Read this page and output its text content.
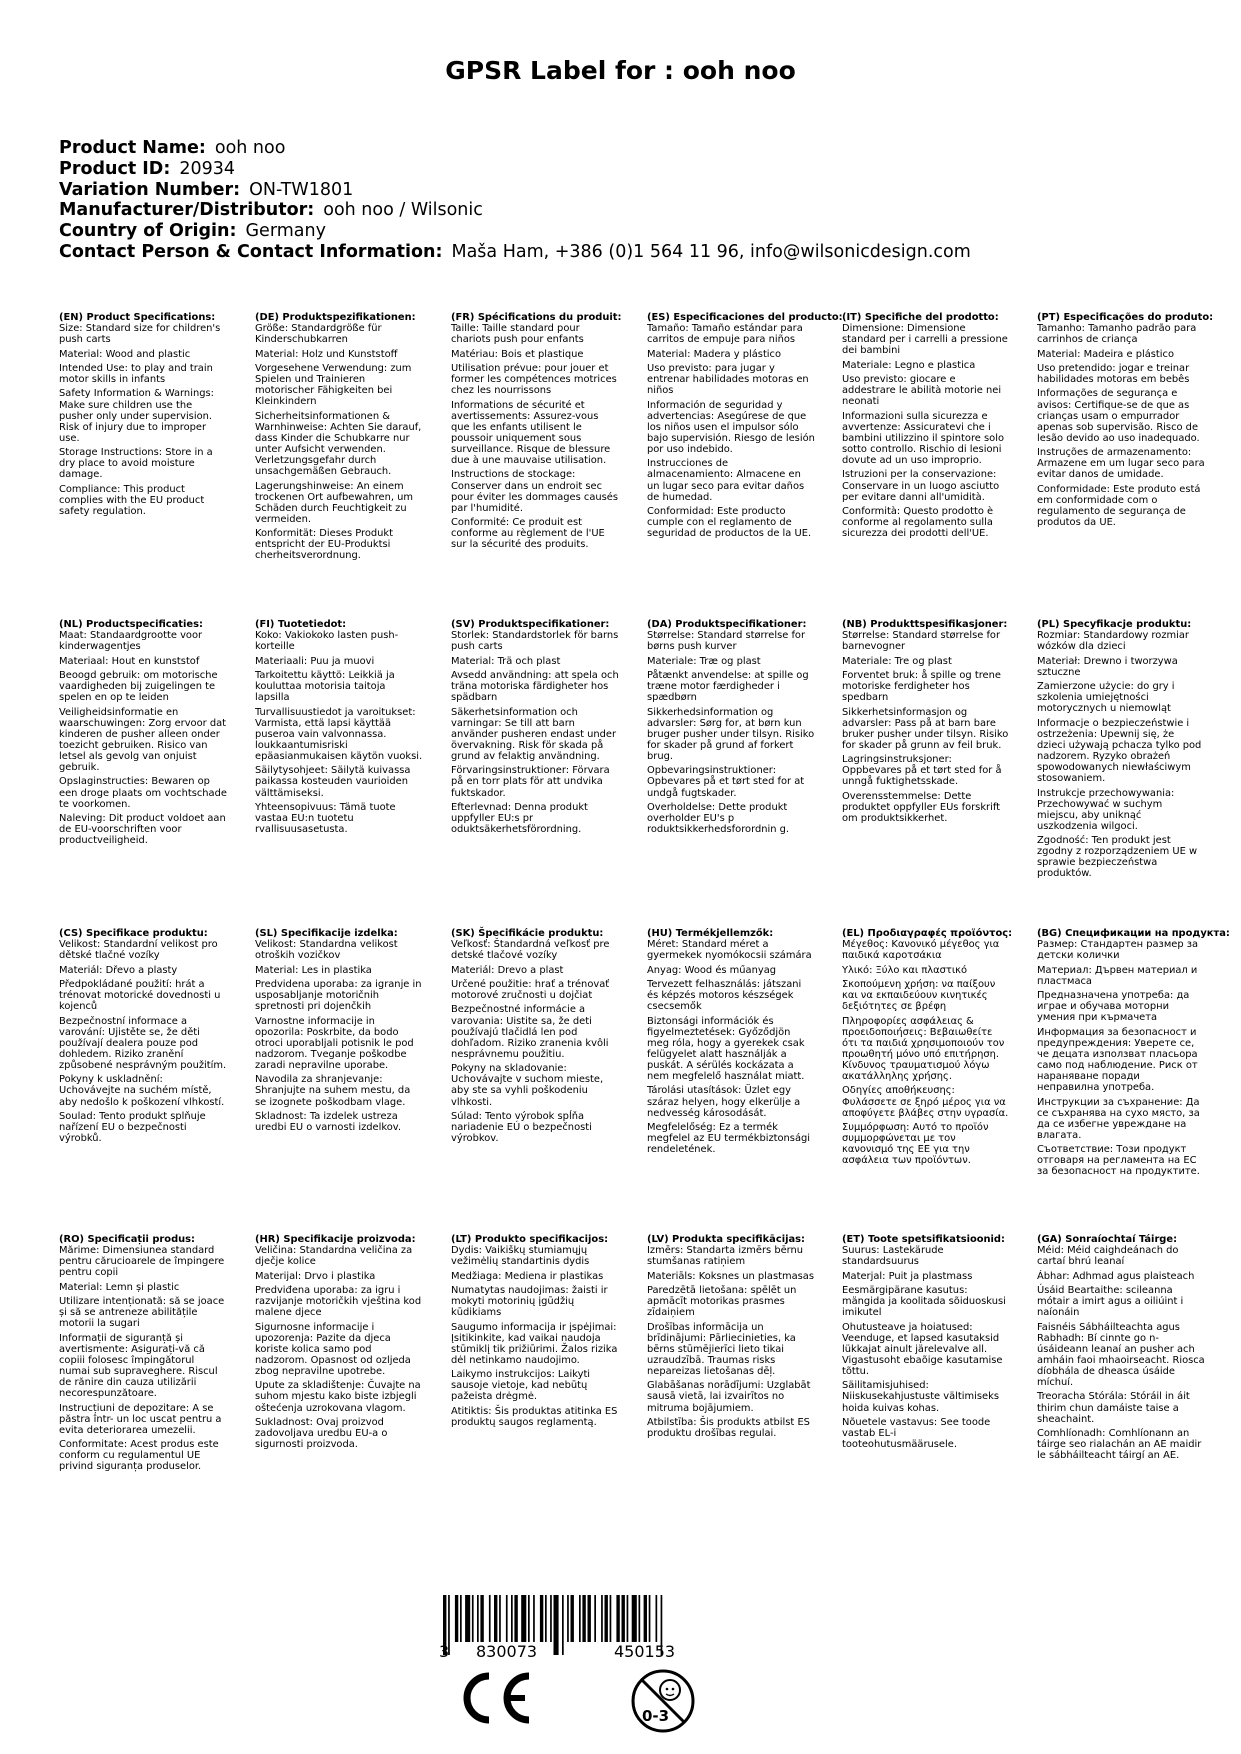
GPSR Label for : ooh noo
Product Name: ooh noo
Product ID: 20934
Variation Number: ON-TW1801
Manufacturer/Distributor: ooh noo / Wilsonic
Country of Origin: Germany
Contact Person & Contact Information: Maša Ham, +386 (0)1 564 11 96, info@wilsonicdesign.com
(EN) Product Specifications:

Size: Standard size for children's push carts

Material: Wood and plastic

Intended Use: to play and train motor skills in infants

Safety Information & Warnings: Make sure children use the pusher only under supervision. Risk of injury due to improper use.

Storage Instructions: Store in a dry place to avoid moisture damage.

Compliance: This product complies with the EU product safety regulation.

(DE) Produktspezifikationen:

Größe: Standardgröße für Kinderschubkarren

Material: Holz und Kunststoff

Vorgesehene Verwendung: zum Spielen und Trainieren motorischer Fähigkeiten bei Kleinkindern

Sicherheitsinformationen & Warnhinweise: Achten Sie darauf, dass Kinder die Schubkarre nur unter Aufsicht verwenden. Verletzungsgefahr durch unsachgemäßen Gebrauch.

Lagerungshinweise: An einem trockenen Ort aufbewahren, um Schäden durch Feuchtigkeit zu vermeiden.

Konformität: Dieses Produkt entspricht der EU-Produktsi cherheitsverordnung.

(FR) Spécifications du produit:

Taille: Taille standard pour chariots push pour enfants

Matériau: Bois et plastique

Utilisation prévue: pour jouer et former les compétences motrices chez les nourrissons

Informations de sécurité et avertissements: Assurez-vous que les enfants utilisent le poussoir uniquement sous surveillance. Risque de blessure due à une mauvaise utilisation.

Instructions de stockage: Conserver dans un endroit sec pour éviter les dommages causés par l'humidité.

Conformité: Ce produit est conforme au règlement de l'UE sur la sécurité des produits.

(ES) Especificaciones del producto:

Tamaño: Tamaño estándar para carritos de empuje para niños

Material: Madera y plástico

Uso previsto: para jugar y entrenar habilidades motoras en niños

Información de seguridad y advertencias: Asegúrese de que los niños usen el impulsor sólo bajo supervisión. Riesgo de lesión por uso indebido.

Instrucciones de almacenamiento: Almacene en un lugar seco para evitar daños de humedad.

Conformidad: Este producto cumple con el reglamento de seguridad de productos de la UE.

(IT) Specifiche del prodotto:

Dimensione: Dimensione standard per i carrelli a pressione dei bambini

Materiale: Legno e plastica

Uso previsto: giocare e addestrare le abilità motorie nei neonati

Informazioni sulla sicurezza e avvertenze: Assicuratevi che i bambini utilizzino il spintore solo sotto controllo. Rischio di lesioni dovute ad un uso improprio.

Istruzioni per la conservazione: Conservare in un luogo asciutto per evitare danni all'umidità.

Conformità: Questo prodotto è conforme al regolamento sulla sicurezza dei prodotti dell'UE.

(PT) Especificações do produto:

Tamanho: Tamanho padrão para carrinhos de criança

Material: Madeira e plástico

Uso pretendido: jogar e treinar habilidades motoras em bebês

Informações de segurança e avisos: Certifique-se de que as crianças usam o empurrador apenas sob supervisão. Risco de lesão devido ao uso inadequado.

Instruções de armazenamento: Armazene em um lugar seco para evitar danos de umidade.

Conformidade: Este produto está em conformidade com o regulamento de segurança de produtos da UE.

(NL) Productspecificaties:

Maat: Standaardgrootte voor kinderwagentjes

Materiaal: Hout en kunststof

Beoogd gebruik: om motorische vaardigheden bij zuigelingen te spelen en op te leiden

Veiligheidsinformatie en waarschuwingen: Zorg ervoor dat kinderen de pusher alleen onder toezicht gebruiken. Risico van letsel als gevolg van onjuist gebruik.

Opslaginstructies: Bewaren op een droge plaats om vochtschade te voorkomen.

Naleving: Dit product voldoet aan de EU-voorschriften voor productveiligheid.

(FI) Tuotetiedot:

Koko: Vakiokoko lasten push-korteille

Materiaali: Puu ja muovi

Tarkoitettu käyttö: Leikkiä ja kouluttaa motorisia taitoja lapsilla

Turvallisuustiedot ja varoitukset: Varmista, että lapsi käyttää puseroa vain valvonnassa. loukkaantumisriski epäasianmukaisen käytön vuoksi.

Säilytysohjeet: Säilytä kuivassa paikassa kosteuden vaurioiden välttämiseksi.

Yhteensopivuus: Tämä tuote vastaa EU:n tuotetu rvallisuusasetusta.

(SV) Produktspecifikationer:

Storlek: Standardstorlek för barns push carts

Material: Trä och plast

Avsedd användning: att spela och träna motoriska färdigheter hos spädbarn

Säkerhetsinformation och varningar: Se till att barn använder pusheren endast under övervakning. Risk för skada på grund av felaktig användning.

Förvaringsinstruktioner: Förvara på en torr plats för att undvika fuktskador.

Efterlevnad: Denna produkt uppfyller EU:s pr oduktsäkerhetsförordning.

(DA) Produktspecifikationer:

Størrelse: Standard størrelse for børns push kurver

Materiale: Træ og plast

Påtænkt anvendelse: at spille og træne motor færdigheder i spædbørn

Sikkerhedsinformation og advarsler: Sørg for, at børn kun bruger pusher under tilsyn. Risiko for skader på grund af forkert brug.

Opbevaringsinstruktioner: Opbevares på et tørt sted for at undgå fugtskader.

Overholdelse: Dette produkt overholder EU's p roduktsikkerhedsforordnin g.

(NB) Produkttspesifikasjoner:

Størrelse: Standard størrelse for barnevogner

Materiale: Tre og plast

Forventet bruk: å spille og trene motoriske ferdigheter hos spedbarn

Sikkerhetsinformasjon og advarsler: Pass på at barn bare bruker pusher under tilsyn. Risiko for skader på grunn av feil bruk.

Lagringsinstruksjoner: Oppbevares på et tørt sted for å unngå fuktighetsskade.

Overensstemmelse: Dette produktet oppfyller EUs forskrift om produktsikkerhet.

(PL) Specyfikacje produktu:

Rozmiar: Standardowy rozmiar wózków dla dzieci

Materiał: Drewno i tworzywa sztuczne

Zamierzone użycie: do gry i szkolenia umiejętności motorycznych u niemowląt

Informacje o bezpieczeństwie i ostrzeżenia: Upewnij się, że dzieci używają pchacza tylko pod nadzorem. Ryzyko obrażeń spowodowanych niewłaściwym stosowaniem.

Instrukcje przechowywania: Przechowywać w suchym miejscu, aby uniknąć uszkodzenia wilgoci.

Zgodność: Ten produkt jest zgodny z rozporządzeniem UE w sprawie bezpieczeństwa produktów.

(CS) Specifikace produktu:

Velikost: Standardní velikost pro dětské tlačné vozíky

Materiál: Dřevo a plasty

Předpokládané použití: hrát a trénovat motorické dovednosti u kojenců

Bezpečnostní informace a varování: Ujistěte se, že děti používají dealera pouze pod dohledem. Riziko zranění způsobené nesprávným použitím.

Pokyny k uskladnění: Uchovávejte na suchém místě, aby nedošlo k poškození vlhkostí.

Soulad: Tento produkt splňuje nařízení EU o bezpečnosti výrobků.

(SL) Specifikacije izdelka:

Velikost: Standardna velikost otroških vozičkov

Material: Les in plastika

Predvidena uporaba: za igranje in usposabljanje motoričnih spretnosti pri dojenčkih

Varnostne informacije in opozorila: Poskrbite, da bodo otroci uporabljali potisnik le pod nadzorom. Tveganje poškodbe zaradi nepravilne uporabe.

Navodila za shranjevanje: Shranjujte na suhem mestu, da se izognete poškodbam vlage.

Skladnost: Ta izdelek ustreza uredbi EU o varnosti izdelkov.

(SK) Špecifikácie produktu:

Veľkosť: Štandardná veľkosť pre detské tlačové vozíky

Materiál: Drevo a plast

Určené použitie: hrať a trénovať motorové zručnosti u dojčiat

Bezpečnostné informácie a varovania: Uistite sa, že deti používajú tlačidlá len pod dohľadom. Riziko zranenia kvôli nesprávnemu použitiu.

Pokyny na skladovanie: Uchovávajte v suchom mieste, aby ste sa vyhli poškodeniu vlhkosti.

Súlad: Tento výrobok spĺňa nariadenie EÚ o bezpečnosti výrobkov.

(HU) Termékjellemzők:

Méret: Standard méret a gyermekek nyomókocsii számára

Anyag: Wood és műanyag

Tervezett felhasználás: játszani és képzés motoros készségek csecsemők

Biztonsági információk és figyelmeztetések: Győződjön meg róla, hogy a gyerekek csak felügyelet alatt használják a puskát. A sérülés kockázata a nem megfelelő használat miatt.

Tárolási utasítások: Üzlet egy száraz helyen, hogy elkerülje a nedvesség károsodását.

Megfelelőség: Ez a termék megfelel az EU termékbiztonsági rendeletének.

(EL) Προδιαγραφές προϊόντος:

Μέγεθος: Κανονικό μέγεθος για παιδικά καροτσάκια

Υλικό: Ξύλο και πλαστικό

Σκοπούμενη χρήση: να παίξουν και να εκπαιδεύουν κινητικές δεξιότητες σε βρέφη

Πληροφορίες ασφάλειας & προειδοποιήσεις: Βεβαιωθείτε ότι τα παιδιά χρησιμοποιούν τον προωθητή μόνο υπό επιτήρηση. Κίνδυνος τραυματισμού λόγω ακατάλληλης χρήσης.

Οδηγίες αποθήκευσης: Φυλάσσετε σε ξηρό μέρος για να αποφύγετε βλάβες στην υγρασία.

Συμμόρφωση: Αυτό το προϊόν συμμορφώνεται με τον κανονισμό της ΕΕ για την ασφάλεια των προϊόντων.

(BG) Спецификации на продукта:

Размер: Стандартен размер за детски колички

Материал: Дървен материал и пластмаса

Предназначена употреба: да играе и обучава моторни умения при кърмачета

Информация за безопасност и предупреждения: Уверете се, че децата използват пласьора само под наблюдение. Риск от нараняване поради неправилна употреба.

Инструкции за съхранение: Да се съхранява на сухо място, за да се избегне увреждане на влагата.

Съответствие: Този продукт отговаря на регламента на ЕС за безопасност на продуктите.

(RO) Specificații produs:

Mărime: Dimensiunea standard pentru cărucioarele de împingere pentru copii

Material: Lemn și plastic

Utilizare intenționată: să se joace și să se antreneze abilitățile motorii la sugari

Informații de siguranță și avertismente: Asigurați-vă că copiii folosesc împingătorul numai sub supraveghere. Riscul de rănire din cauza utilizării necorespunzătoare.

Instrucțiuni de depozitare: A se păstra într- un loc uscat pentru a evita deteriorarea umezelii.

Conformitate: Acest produs este conform cu regulamentul UE privind siguranța produselor.

(HR) Specifikacije proizvoda:

Veličina: Standardna veličina za dječje kolice

Materijal: Drvo i plastika

Predviđena uporaba: za igru i razvijanje motoričkih vještina kod malene djece

Sigurnosne informacije i upozorenja: Pazite da djeca koriste kolica samo pod nadzorom. Opasnost od ozljeda zbog nepravilne upotrebe.

Upute za skladištenje: Čuvajte na suhom mjestu kako biste izbjegli oštećenja uzrokovana vlagom.

Sukladnost: Ovaj proizvod zadovoljava uredbu EU-a o sigurnosti proizvoda.

(LT) Produkto specifikacijos:

Dydis: Vaikiškų stumiamųjų vežimėlių standartinis dydis

Medžiaga: Mediena ir plastikas

Numatytas naudojimas: žaisti ir mokyti motorinių įgūdžių kūdikiams

Saugumo informacija ir įspėjimai: Įsitikinkite, kad vaikai naudoja stūmiklį tik prižiūrimi. Žalos rizika dėl netinkamo naudojimo.

Laikymo instrukcijos: Laikyti sausoje vietoje, kad nebūtų pažeista drėgmė.

Atitiktis: Šis produktas atitinka ES produktų saugos reglamentą.

(LV) Produkta specifikācijas:

Izmērs: Standarta izmērs bērnu stumšanas ratiņiem

Materiāls: Koksnes un plastmasas

Paredzētā lietošana: spēlēt un apmācīt motorikas prasmes zīdaiņiem

Drošības informācija un brīdinājumi: Pārliecinieties, ka bērns stūmējierīci lieto tikai uzraudzībā. Traumas risks nepareizas lietošanas dēļ.

Glabāšanas norādījumi: Uzglabāt sausā vietā, lai izvairītos no mitruma bojājumiem.

Atbilstība: Šis produkts atbilst ES produktu drošības regulai.

(ET) Toote spetsifikatsioonid:

Suurus: Lastekärude standardsuurus

Materjal: Puit ja plastmass

Eesmärgipärane kasutus: mängida ja koolitada sõiduoskusi imikutel

Ohutusteave ja hoiatused: Veenduge, et lapsed kasutaksid lükkajat ainult järelevalve all. Vigastusoht ebaõige kasutamise tõttu.

Säilitamisjuhised: Niiskusekahjustuste vältimiseks hoida kuivas kohas.

Nõuetele vastavus: See toode vastab EL-i tooteohutusmäärusele.

(GA) Sonraíochtaí Táirge:

Méid: Méid caighdeánach do cartaí bhrú leanaí

Ábhar: Adhmad agus plaisteach

Úsáid Beartaithe: scileanna mótair a imirt agus a oiliúint i naíonáin

Faisnéis Sábháilteachta agus Rabhadh: Bí cinnte go n-úsáideann leanaí an pusher ach amháin faoi mhaoirseacht. Riosca díobhála de dheasca úsáide míchuí.

Treoracha Stórála: Stóráil in áit thirim chun damáiste taise a sheachaint.

Comhlíonadh: Comhlíonann an táirge seo rialachán an AE maidir le sábháilteacht táirgí an AE.

3 830073	450153
0-3
